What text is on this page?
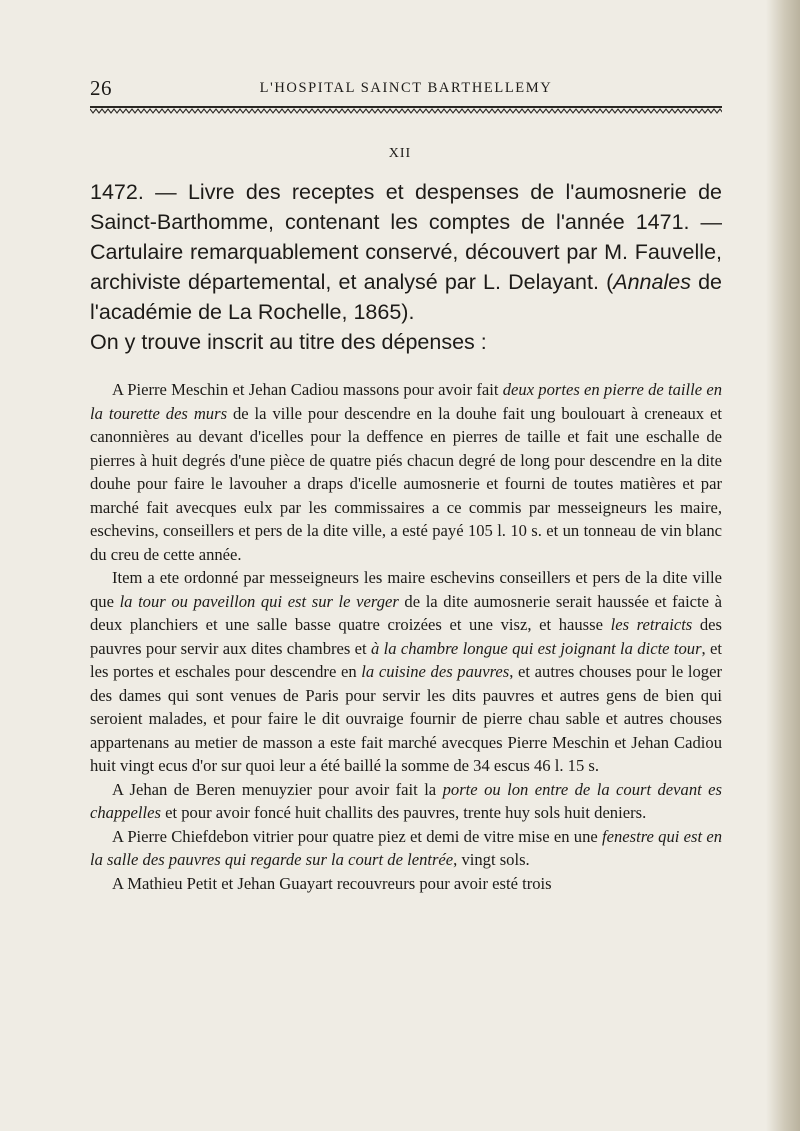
26	L'HOSPITAL SAINCT BARTHELLEMY
XII

1472. — Livre des receptes et despenses de l'aumosnerie de Sainct-Barthomme, contenant les comptes de l'année 1471. — Cartulaire remarquablement conservé, découvert par M. Fauvelle, archiviste départemental, et analysé par L. Delayant. (Annales de l'académie de La Rochelle, 1865).

On y trouve inscrit au titre des dépenses :

A Pierre Meschin et Jehan Cadiou massons pour avoir fait deux portes en pierre de taille en la tourette des murs de la ville pour descendre en la douhe fait ung boulouart à creneaux et canonnières au devant d'icelles pour la deffence en pierres de taille et fait une eschalle de pierres à huit degrés d'une pièce de quatre piés chacun degré de long pour descendre en la dite douhe pour faire le lavouher a draps d'icelle aumosnerie et fourni de toutes matières et par marché fait avecques eulx par les commissaires a ce commis par messeigneurs les maire, eschevins, conseillers et pers de la dite ville, a esté payé 105 l. 10 s. et un tonneau de vin blanc du creu de cette année.

Item a ete ordonné par messeigneurs les maire eschevins conseillers et pers de la dite ville que la tour ou paveillon qui est sur le verger de la dite aumosnerie serait haussée et faicte à deux planchiers et une salle basse quatre croizées et une visz, et hausse les retraicts des pauvres pour servir aux dites chambres et à la chambre longue qui est joignant la dicte tour, et les portes et eschales pour descendre en la cuisine des pauvres, et autres chouses pour le loger des dames qui sont venues de Paris pour servir les dits pauvres et autres gens de bien qui seroient malades, et pour faire le dit ouvraige fournir de pierre chau sable et autres chouses appartenans au metier de masson a este fait marché avecques Pierre Meschin et Jehan Cadiou huit vingt ecus d'or sur quoi leur a été baillé la somme de 34 escus 46 l. 15 s.

A Jehan de Beren menuyzier pour avoir fait la porte ou lon entre de la court devant es chappelles et pour avoir foncé huit challits des pauvres, trente huy sols huit deniers.

A Pierre Chiefdebon vitrier pour quatre piez et demi de vitre mise en une fenestre qui est en la salle des pauvres qui regarde sur la court de lentrée, vingt sols.

A Mathieu Petit et Jehan Guayart recouvreurs pour avoir esté trois
